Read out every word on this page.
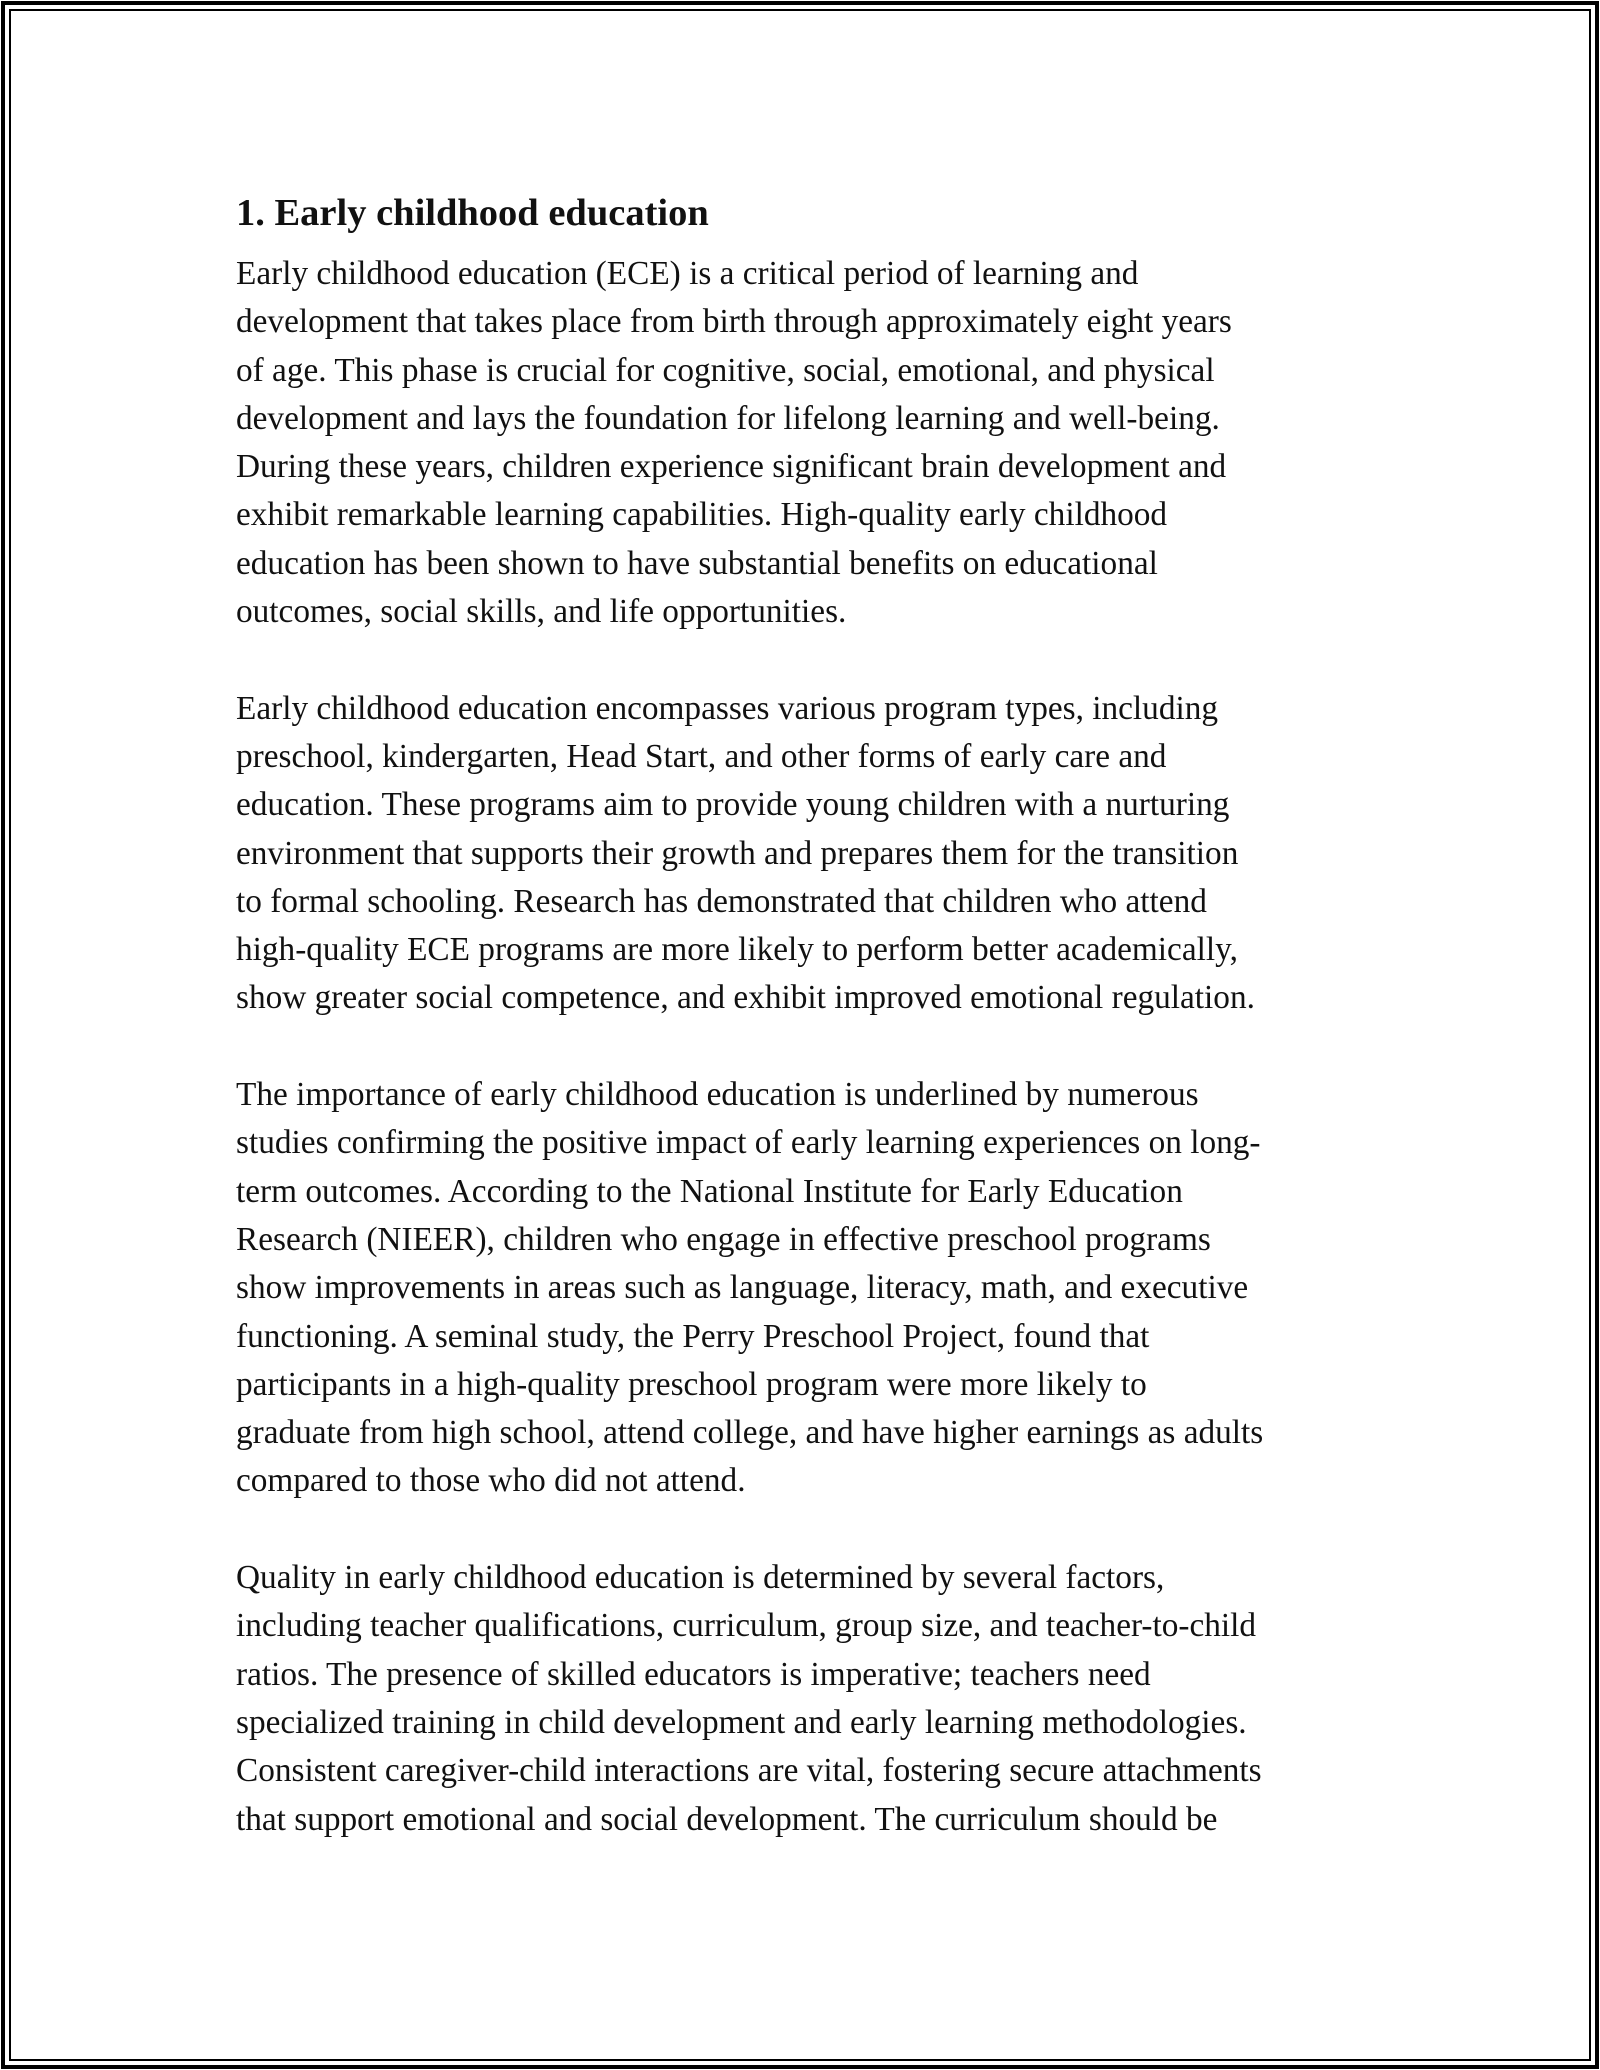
1. Early childhood education

Early childhood education (ECE) is a critical period of learning and
development that takes place from birth through approximately eight years
of age. This phase is crucial for cognitive, social, emotional, and physical
development and lays the foundation for lifelong learning and well-being.
During these years, children experience significant brain development and
exhibit remarkable learning capabilities. High-quality early childhood
education has been shown to have substantial benefits on educational
outcomes, social skills, and life opportunities.

Early childhood education encompasses various program types, including
preschool, kindergarten, Head Start, and other forms of early care and
education. These programs aim to provide young children with a nurturing
environment that supports their growth and prepares them for the transition
to formal schooling. Research has demonstrated that children who attend
high-quality ECE programs are more likely to perform better academically,
show greater social competence, and exhibit improved emotional regulation.

The importance of early childhood education is underlined by numerous
studies confirming the positive impact of early learning experiences on long-
term outcomes. According to the National Institute for Early Education
Research (NIEER), children who engage in effective preschool programs
show improvements in areas such as language, literacy, math, and executive
functioning. A seminal study, the Perry Preschool Project, found that
participants in a high-quality preschool program were more likely to
graduate from high school, attend college, and have higher earnings as adults
compared to those who did not attend.

Quality in early childhood education is determined by several factors,
including teacher qualifications, curriculum, group size, and teacher-to-child
ratios. The presence of skilled educators is imperative; teachers need
specialized training in child development and early learning methodologies.
Consistent caregiver-child interactions are vital, fostering secure attachments
that support emotional and social development. The curriculum should be
